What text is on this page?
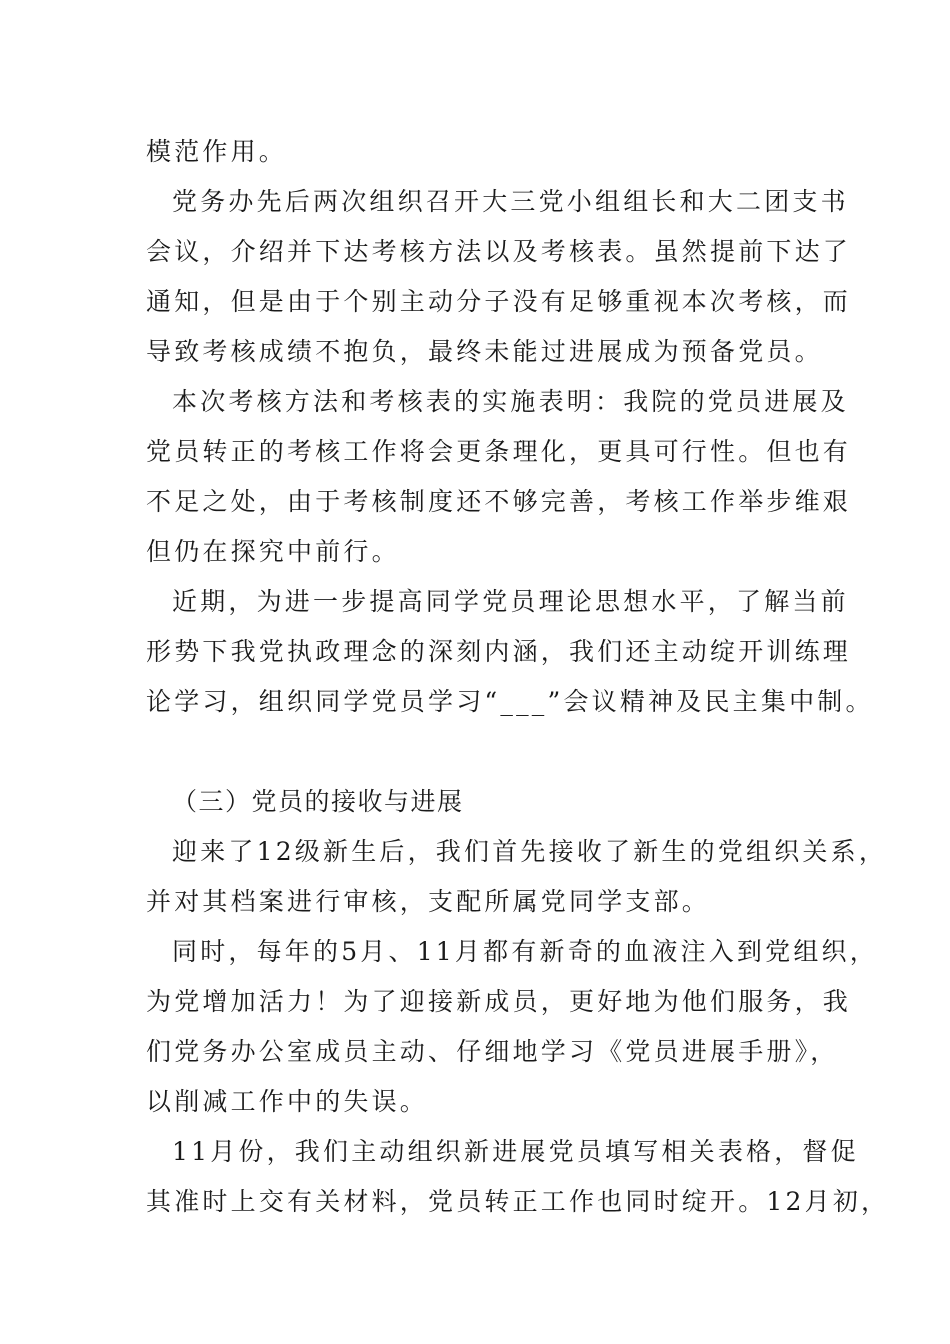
模范作用。
党务办先后两次组织召开大三党小组组长和大二团支书
会议，介绍并下达考核方法以及考核表。虽然提前下达了
通知，但是由于个别主动分子没有足够重视本次考核，而
导致考核成绩不抱负，最终未能过进展成为预备党员。
本次考核方法和考核表的实施表明：我院的党员进展及
党员转正的考核工作将会更条理化，更具可行性。但也有
不足之处，由于考核制度还不够完善，考核工作举步维艰
但仍在探究中前行。
近期，为进一步提高同学党员理论思想水平，了解当前
形势下我党执政理念的深刻内涵，我们还主动绽开训练理
论学习，组织同学党员学习“___”会议精神及民主集中制。
（三）党员的接收与进展
迎来了12级新生后，我们首先接收了新生的党组织关系，
并对其档案进行审核，支配所属党同学支部。
同时，每年的5月、11月都有新奇的血液注入到党组织，
为党增加活力！为了迎接新成员，更好地为他们服务，我
们党务办公室成员主动、仔细地学习《党员进展手册》，
以削减工作中的失误。
11月份，我们主动组织新进展党员填写相关表格，督促
其准时上交有关材料，党员转正工作也同时绽开。12月初，
